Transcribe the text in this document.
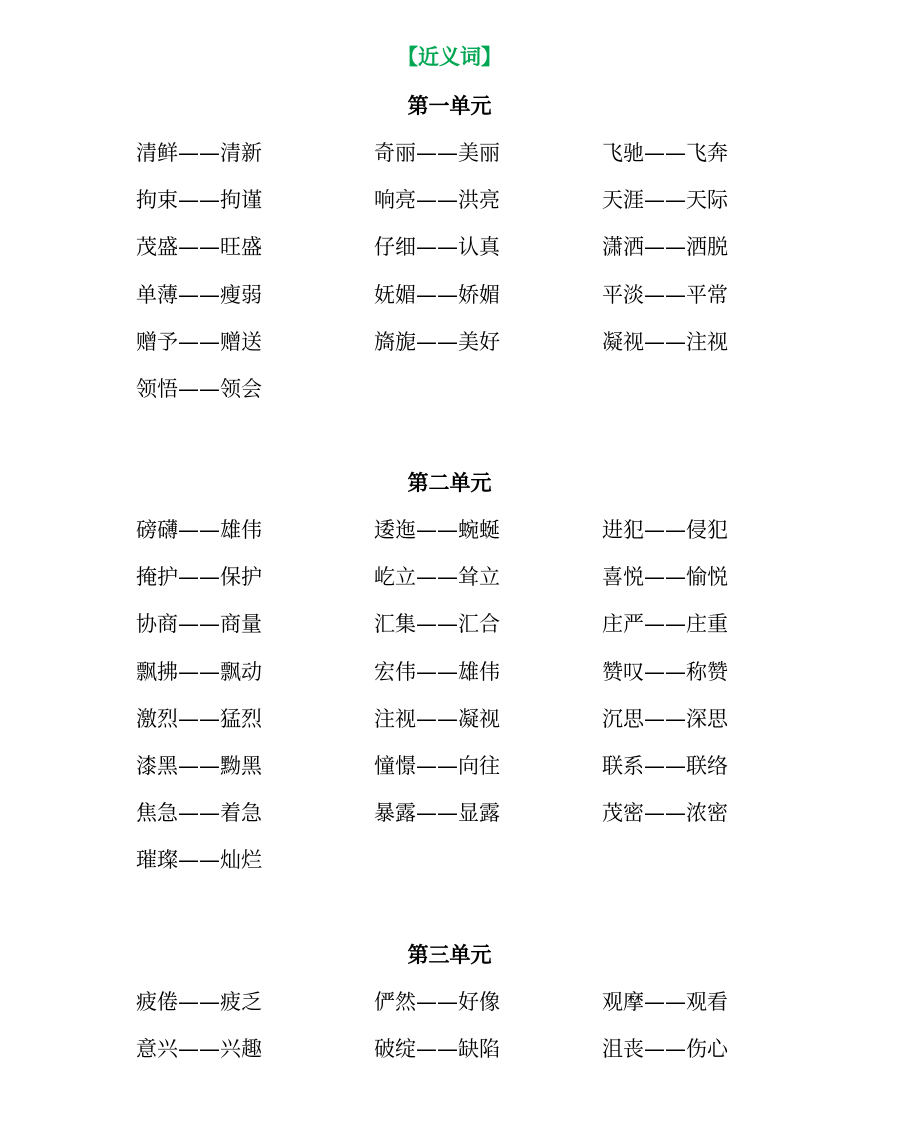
【近义词】
第一单元
清鲜——清新	奇丽——美丽	飞驰——飞奔
拘束——拘谨	响亮——洪亮	天涯——天际
茂盛——旺盛	仔细——认真	潇洒——洒脱
单薄——瘦弱	妩媚——娇媚	平淡——平常
赠予——赠送	旖旎——美好	凝视——注视
领悟——领会
第二单元
磅礴——雄伟	逶迤——蜿蜒	进犯——侵犯
掩护——保护	屹立——耸立	喜悦——愉悦
协商——商量	汇集——汇合	庄严——庄重
飘拂——飘动	宏伟——雄伟	赞叹——称赞
激烈——猛烈	注视——凝视	沉思——深思
漆黑——黝黑	憧憬——向往	联系——联络
焦急——着急	暴露——显露	茂密——浓密
璀璨——灿烂
第三单元
疲倦——疲乏	俨然——好像	观摩——观看
意兴——兴趣	破绽——缺陷	沮丧——伤心
